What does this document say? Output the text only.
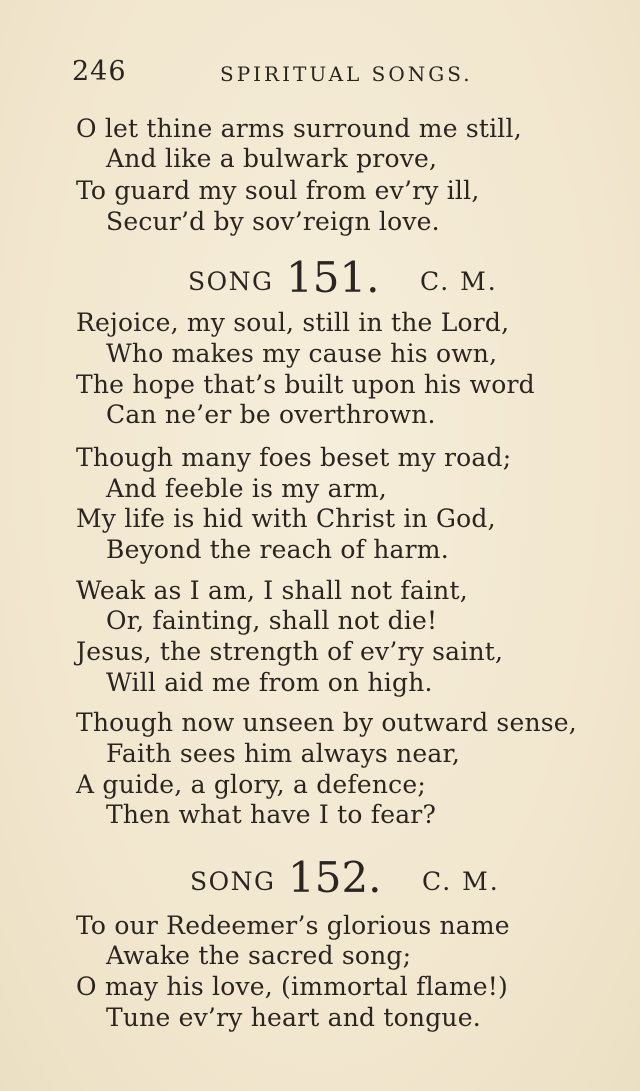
246	SPIRITUAL SONGS.
O let thine arms surround me still,
And like a bulwark prove,
To guard my soul from ev’ry ill,
Secur’d by sov’reign love.
SONG 151. C. M.
Rejoice, my soul, still in the Lord,
Who makes my cause his own,
The hope that’s built upon his word
Can ne’er be overthrown.
Though many foes beset my road;
And feeble is my arm,
My life is hid with Christ in God,
Beyond the reach of harm.
Weak as I am, I shall not faint,
Or, fainting, shall not die!
Jesus, the strength of ev’ry saint,
Will aid me from on high.
Though now unseen by outward sense,
Faith sees him always near,
A guide, a glory, a defence;
Then what have I to fear?
SONG 152. C. M.
To our Redeemer’s glorious name
Awake the sacred song;
O may his love, (immortal flame!)
Tune ev’ry heart and tongue.
